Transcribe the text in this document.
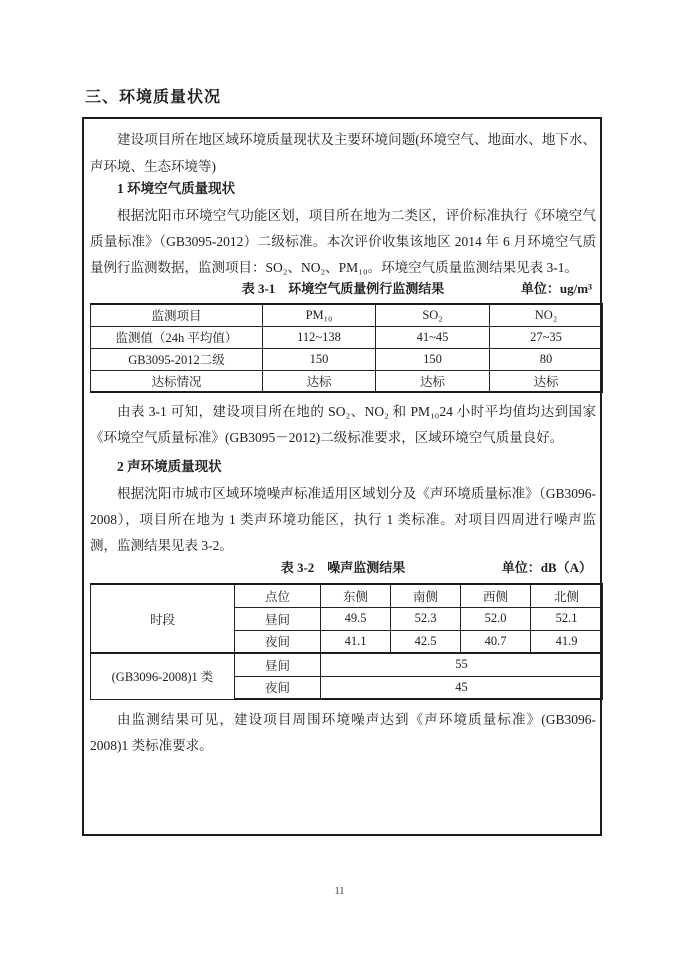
三、环境质量状况

建设项目所在地区域环境质量现状及主要环境问题(环境空气、地面水、地下水、声环境、生态环境等)

1 环境空气质量现状

根据沈阳市环境空气功能区划，项目所在地为二类区，评价标准执行《环境空气质量标准》（GB3095-2012）二级标准。本次评价收集该地区 2014 年 6 月环境空气质量例行监测数据，监测项目：SO₂、NO₂、PM₁₀。环境空气质量监测结果见表 3-1。

表 3-1　环境空气质量例行监测结果	单位：ug/m³
监测项目	PM₁₀	SO₂	NO₂
监测值（24h 平均值）	112~138	41~45	27~35
GB3095-2012二级	150	150	80
达标情况	达标	达标	达标

由表 3-1 可知，建设项目所在地的 SO₂、NO₂ 和 PM₁₀24 小时平均值均达到国家《环境空气质量标准》(GB3095－2012)二级标准要求，区域环境空气质量良好。

2 声环境质量现状

根据沈阳市城市区域环境噪声标准适用区域划分及《声环境质量标准》（GB3096-2008），项目所在地为 1 类声环境功能区，执行 1 类标准。对项目四周进行噪声监测，监测结果见表 3-2。

表 3-2　噪声监测结果	单位：dB（A）
时段	点位	东侧	南侧	西侧	北侧
	昼间	49.5	52.3	52.0	52.1
	夜间	41.1	42.5	40.7	41.9
(GB3096-2008)1 类	昼间	55			
	夜间	45			

由监测结果可见，建设项目周围环境噪声达到《声环境质量标准》(GB3096-2008)1 类标准要求。

11
